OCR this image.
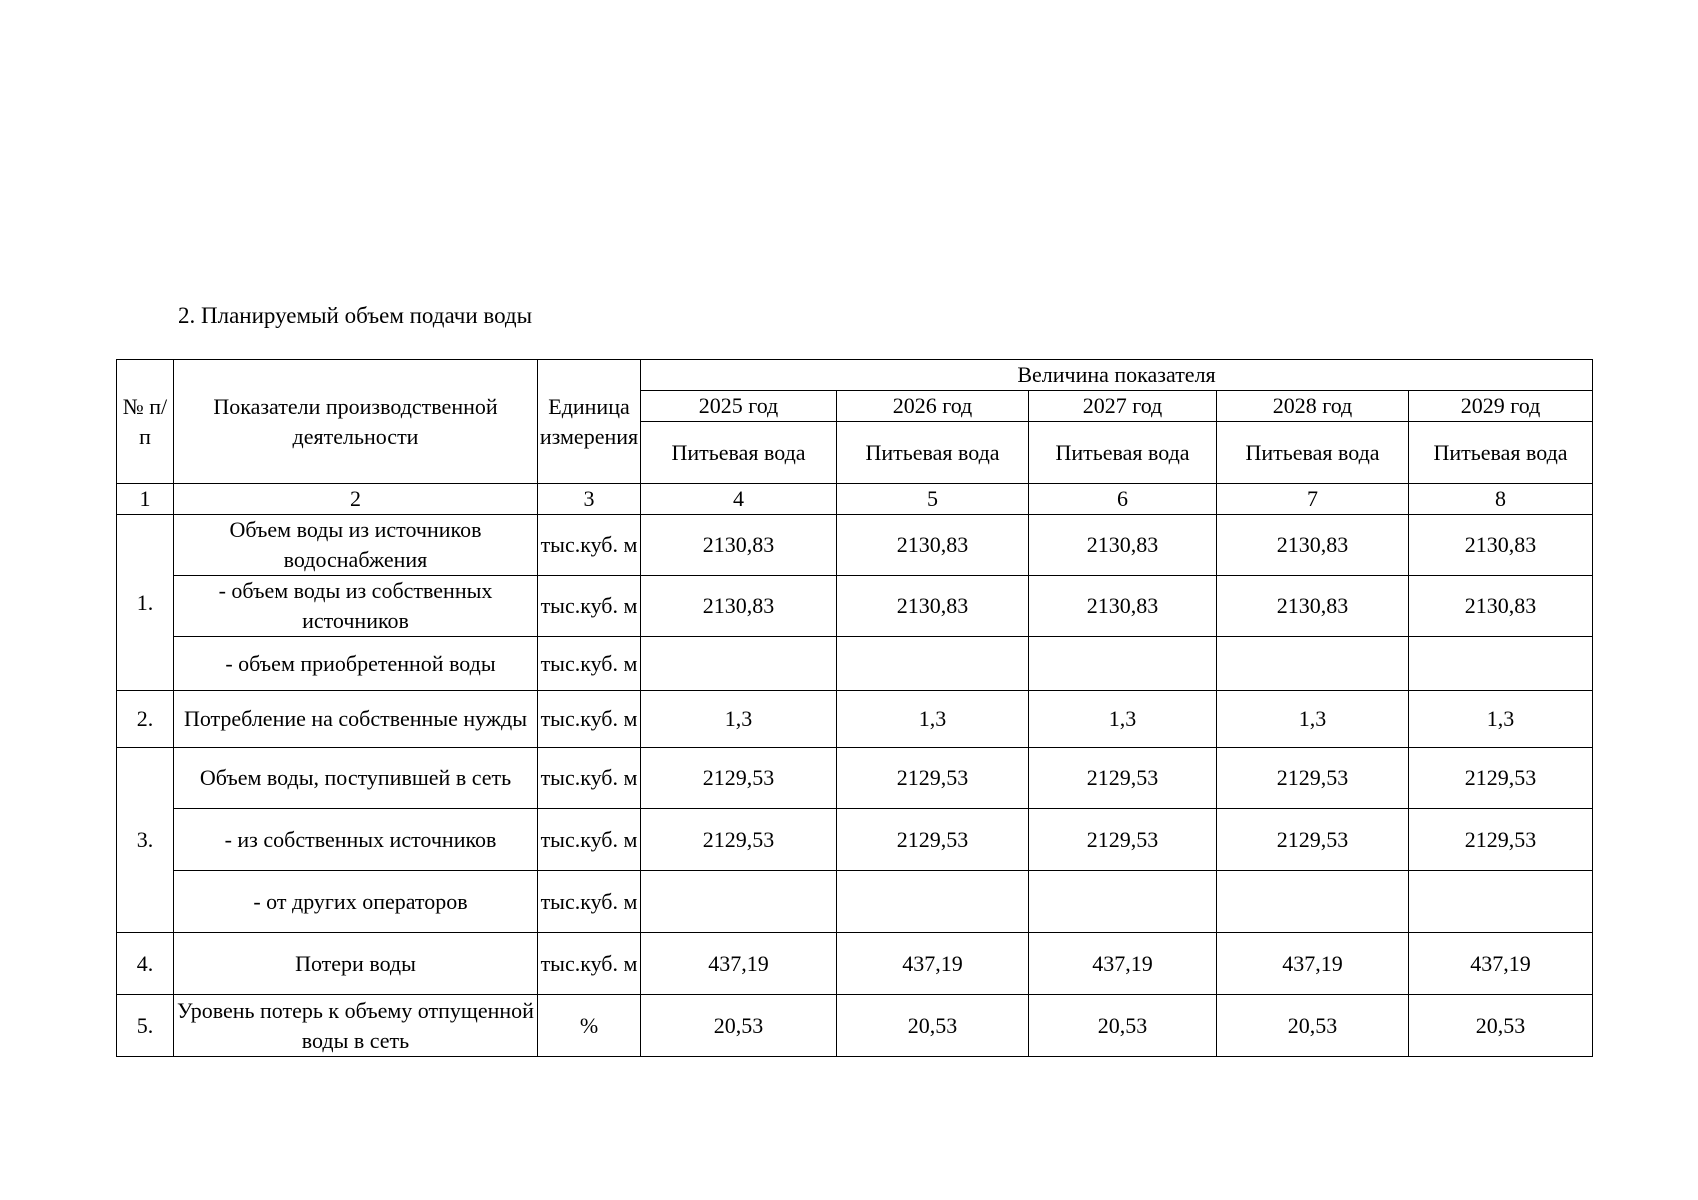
2. Планируемый объем подачи воды
№ п/п	Показатели производственной деятельности	Единица измерения	Величина показателя				
			2025 год	2026 год	2027 год	2028 год	2029 год
			Питьевая вода	Питьевая вода	Питьевая вода	Питьевая вода	Питьевая вода
1	2	3	4	5	6	7	8
1.	Объем воды из источников водоснабжения	тыс.куб. м	2130,83	2130,83	2130,83	2130,83	2130,83
	- объем воды из собственных источников	тыс.куб. м	2130,83	2130,83	2130,83	2130,83	2130,83
	- объем приобретенной воды	тыс.куб. м					

2.	Потребление на собственные нужды	тыс.куб. м	1,3	1,3	1,3	1,3	1,3
3.	Объем воды, поступившей в сеть	тыс.куб. м	2129,53	2129,53	2129,53	2129,53	2129,53
	- из собственных источников	тыс.куб. м	2129,53	2129,53	2129,53	2129,53	2129,53
	- от других операторов	тыс.куб. м					

4.	Потери воды	тыс.куб. м	437,19	437,19	437,19	437,19	437,19
5.	Уровень потерь к объему отпущенной воды в сеть	%	20,53	20,53	20,53	20,53	20,53
